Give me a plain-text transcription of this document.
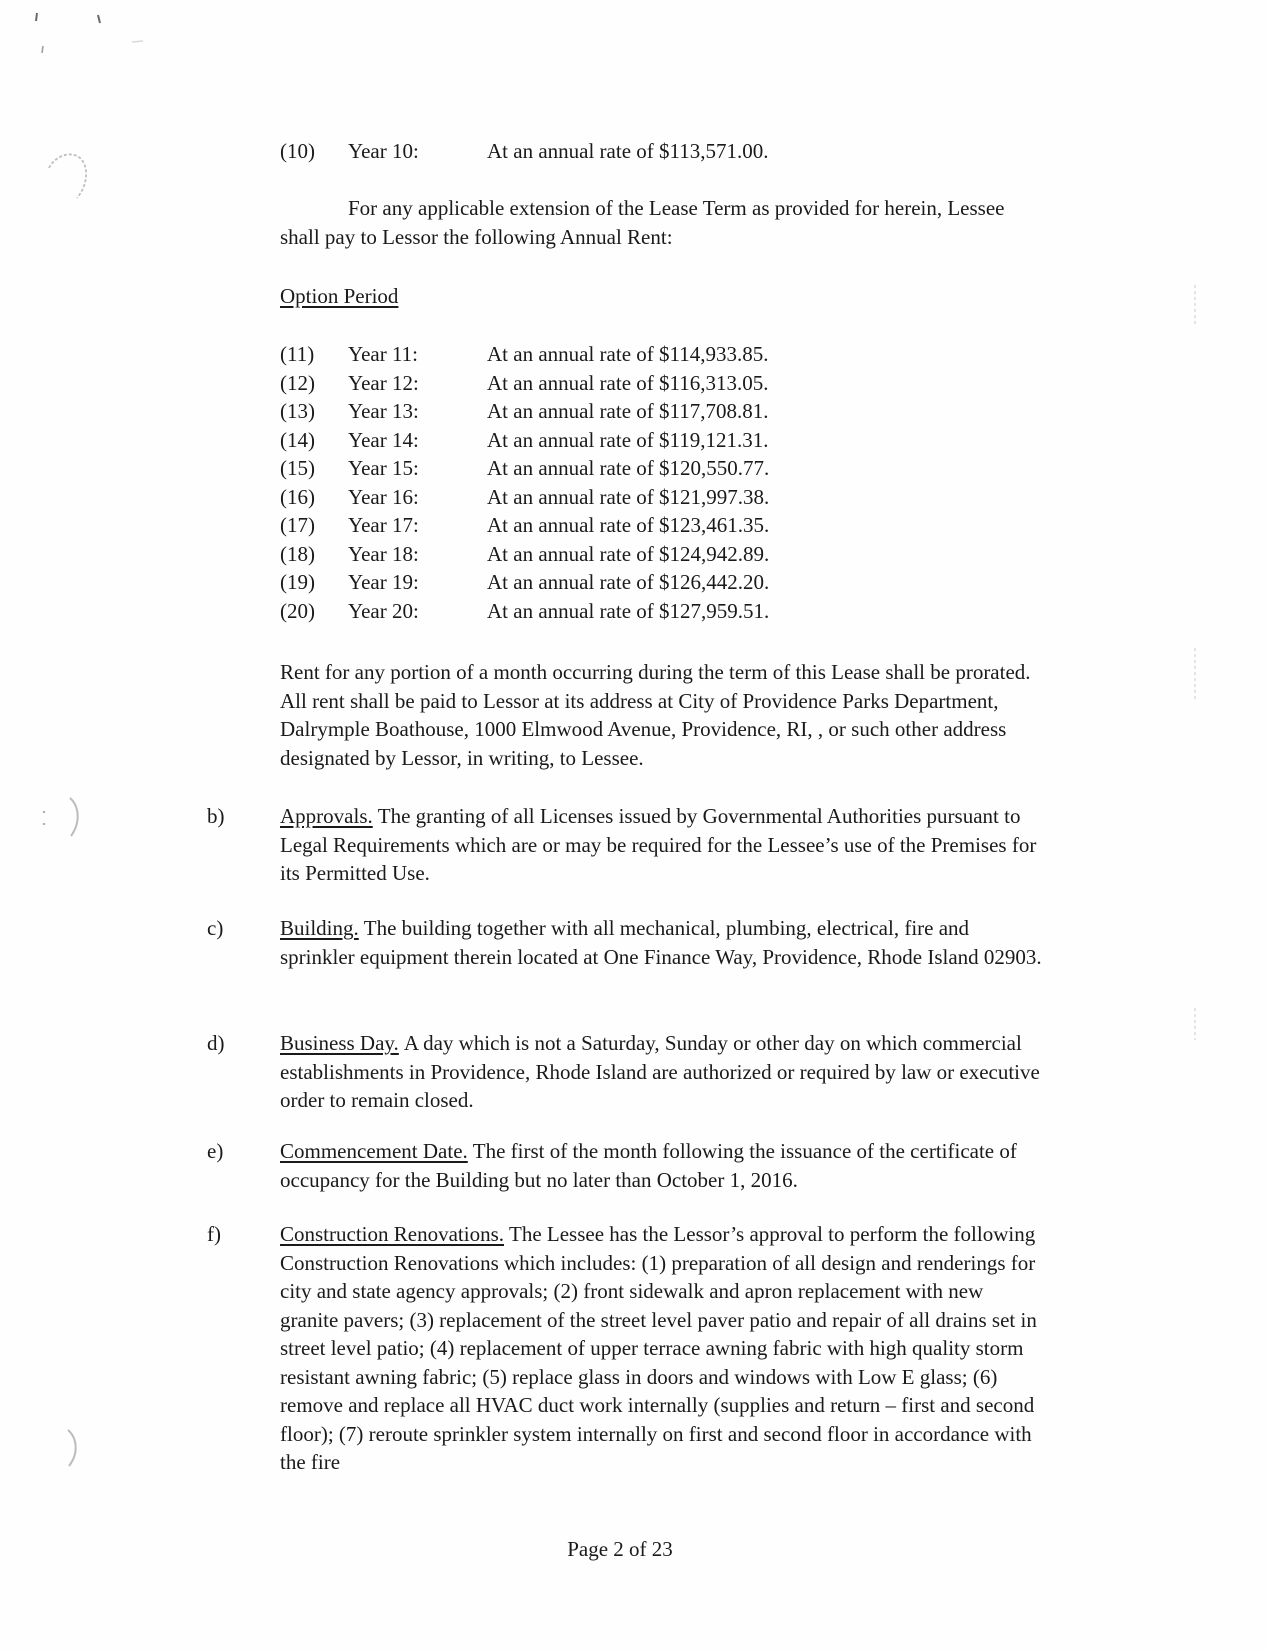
(10)	Year 10:	At an annual rate of $113,571.00.

For any applicable extension of the Lease Term as provided for herein, Lessee shall pay to Lessor the following Annual Rent:

Option Period

(11)	Year 11:	At an annual rate of $114,933.85.
(12)	Year 12:	At an annual rate of $116,313.05.
(13)	Year 13:	At an annual rate of $117,708.81.
(14)	Year 14:	At an annual rate of $119,121.31.
(15)	Year 15:	At an annual rate of $120,550.77.
(16)	Year 16:	At an annual rate of $121,997.38.
(17)	Year 17:	At an annual rate of $123,461.35.
(18)	Year 18:	At an annual rate of $124,942.89.
(19)	Year 19:	At an annual rate of $126,442.20.
(20)	Year 20:	At an annual rate of $127,959.51.

Rent for any portion of a month occurring during the term of this Lease shall be prorated. All rent shall be paid to Lessor at its address at City of Providence Parks Department, Dalrymple Boathouse, 1000 Elmwood Avenue, Providence, RI, , or such other address designated by Lessor, in writing, to Lessee.

b)	Approvals. The granting of all Licenses issued by Governmental Authorities pursuant to Legal Requirements which are or may be required for the Lessee’s use of the Premises for its Permitted Use.

c)	Building. The building together with all mechanical, plumbing, electrical, fire and sprinkler equipment therein located at One Finance Way, Providence, Rhode Island 02903.

d)	Business Day. A day which is not a Saturday, Sunday or other day on which commercial establishments in Providence, Rhode Island are authorized or required by law or executive order to remain closed.

e)	Commencement Date. The first of the month following the issuance of the certificate of occupancy for the Building but no later than October 1, 2016.

f)	Construction Renovations. The Lessee has the Lessor’s approval to perform the following Construction Renovations which includes: (1) preparation of all design and renderings for city and state agency approvals; (2) front sidewalk and apron replacement with new granite pavers; (3) replacement of the street level paver patio and repair of all drains set in street level patio; (4) replacement of upper terrace awning fabric with high quality storm resistant awning fabric; (5) replace glass in doors and windows with Low E glass; (6) remove and replace all HVAC duct work internally (supplies and return – first and second floor); (7) reroute sprinkler system internally on first and second floor in accordance with the fire

Page 2 of 23
